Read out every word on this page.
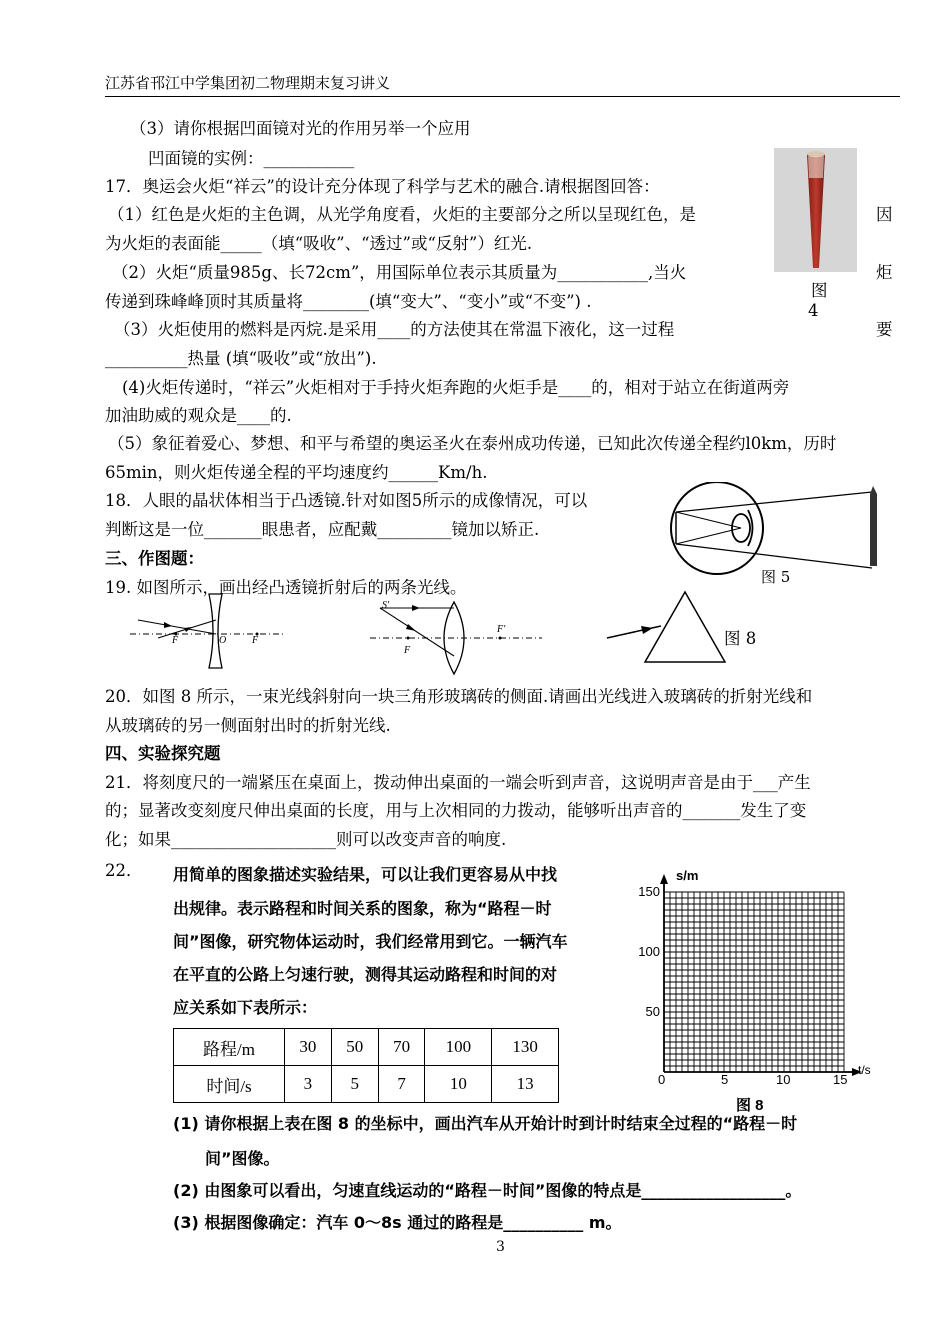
江苏省邗江中学集团初二物理期末复习讲义
（3）请你根据凹面镜对光的作用另举一个应用
凹面镜的实例：___________
图
4
17．奥运会火炬“祥云”的设计充分体现了科学与艺术的融合.请根据图回答：
（1）红色是火炬的主色调，从光学角度看，火炬的主要部分之所以呈现红色，是	因
为火炬的表面能_____（填“吸收”、“透过”或“反射”）红光.
（2）火炬“质量985g、长72cm”，用国际单位表示其质量为___________,当火	炬
传递到珠峰峰顶时其质量将________(填“变大”、“变小”或“不变”) .
（3）火炬使用的燃料是丙烷.是采用____的方法使其在常温下液化，这一过程	要
__________热量 (填“吸收”或“放出”).
(4)火炬传递时，“祥云”火炬相对于手持火炬奔跑的火炬手是____的，相对于站立在街道两旁
加油助威的观众是____的.
（5）象征着爱心、梦想、和平与希望的奥运圣火在泰州成功传递，已知此次传递全程约l0km，历时
65min，则火炬传递全程的平均速度约______Km/h.
18．人眼的晶状体相当于凸透镜.针对如图5所示的成像情况，可以
判断这是一位_______眼患者，应配戴_________镜加以矫正.
图 5
三、作图题：
19. 如图所示，画出经凸透镜折射后的两条光线。
F	O	F
S'
F
F'	图 8
20．如图 8 所示，一束光线斜射向一块三角形玻璃砖的侧面.请画出光线进入玻璃砖的折射光线和
从玻璃砖的另一侧面射出时的折射光线.
四、实验探究题
21．将刻度尺的一端紧压在桌面上，拨动伸出桌面的一端会听到声音，这说明声音是由于___产生
的；显著改变刻度尺伸出桌面的长度，用与上次相同的力拨动，能够听出声音的_______发生了变
化；如果____________________则可以改变声音的响度.
22． 用简单的图象描述实验结果，可以让我们更容易从中找
出规律。表示路程和时间关系的图象，称为“路程－时
间”图像，研究物体运动时，我们经常用到它。一辆汽车
在平直的公路上匀速行驶，测得其运动路程和时间的对
应关系如下表所示：
路程/m	30	50	70	100	130
时间/s	3	5	7	10	13
s/m
t/s
150
100
50
0	5	10	15
图 8
(1) 请你根据上表在图 8 的坐标中，画出汽车从开始计时到计时结束全过程的“路程－时
间”图像。
(2) 由图象可以看出，匀速直线运动的“路程－时间”图像的特点是__________________。
(3) 根据图像确定：汽车 0～8s 通过的路程是__________ m。
3
